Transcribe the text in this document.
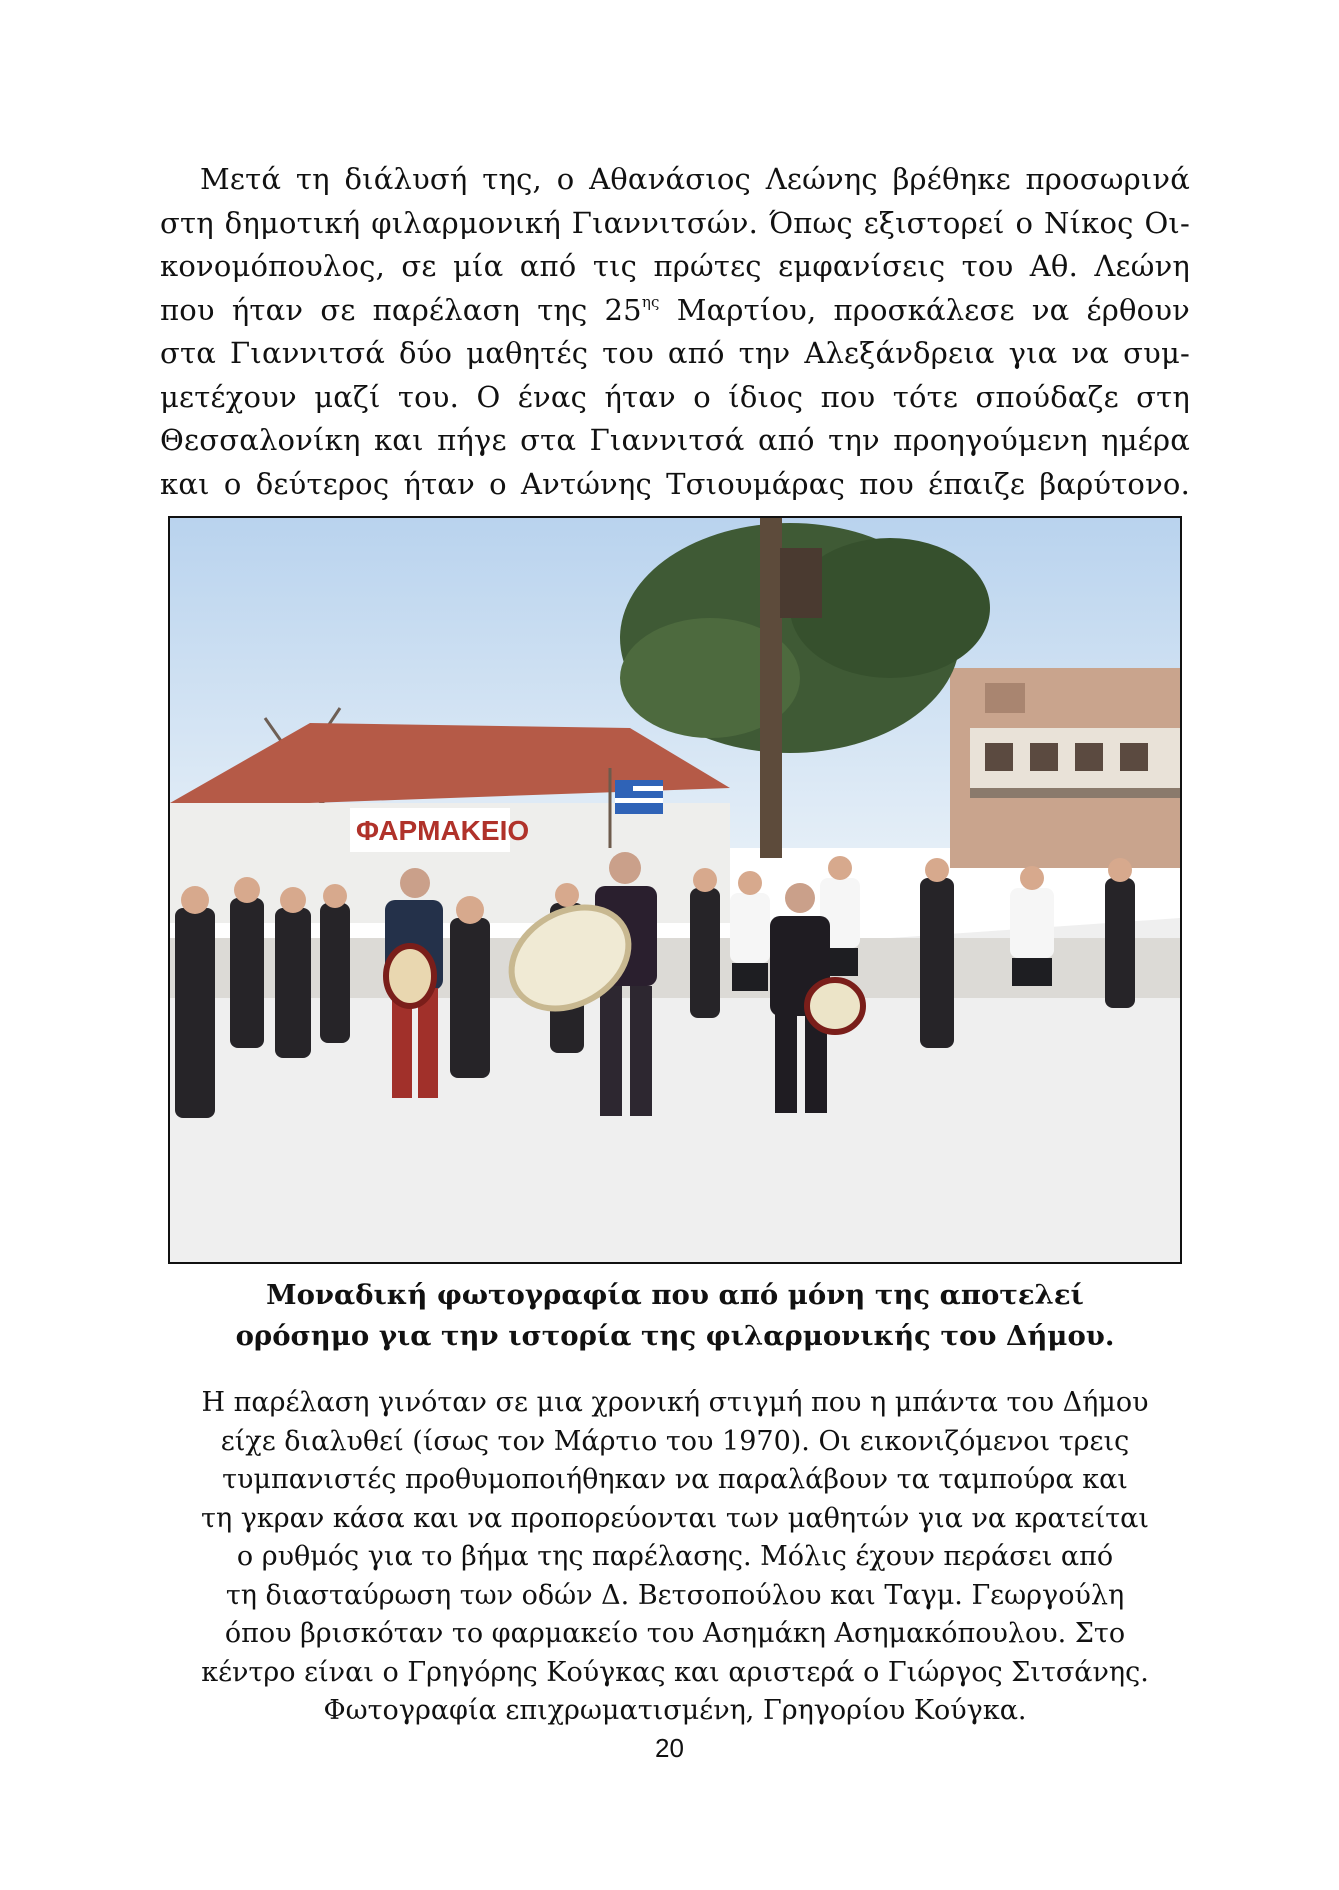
Μετά τη διάλυσή της, ο Αθανάσιος Λεώνης βρέθηκε προσωρινά
στη δημοτική φιλαρμονική Γιαννιτσών. Όπως εξιστορεί ο Νίκος Οι-
κονομόπουλος, σε μία από τις πρώτες εμφανίσεις του Αθ. Λεώνη
που ήταν σε παρέλαση της $25^{\eta\varsigma}$ Μαρτίου, προσκάλεσε να έρθουν
στα Γιαννιτσά δύο μαθητές του από την Αλεξάνδρεια για να συμ-
μετέχουν μαζί του. Ο ένας ήταν ο ίδιος που τότε σπούδαζε στη
Θεσσαλονίκη και πήγε στα Γιαννιτσά από την προηγούμενη ημέρα
και ο δεύτερος ήταν ο Αντώνης Τσιουμάρας που έπαιζε βαρύτονο.
ΦΑΡΜΑΚΕΙΟ
Μοναδική φωτογραφία που από μόνη της αποτελεί
ορόσημο για την ιστορία της φιλαρμονικής του Δήμου.
Η παρέλαση γινόταν σε μια χρονική στιγμή που η μπάντα του Δήμου
είχε διαλυθεί (ίσως τον Μάρτιο του 1970). Οι εικονιζόμενοι τρεις
τυμπανιστές προθυμοποιήθηκαν να παραλάβουν τα ταμπούρα και
τη γκραν κάσα και να προπορεύονται των μαθητών για να κρατείται
ο ρυθμός για το βήμα της παρέλασης. Μόλις έχουν περάσει από
τη διασταύρωση των οδών Δ. Βετσοπούλου και Ταγμ. Γεωργούλη
όπου βρισκόταν το φαρμακείο του Ασημάκη Ασημακόπουλου. Στο
κέντρο είναι ο Γρηγόρης Κούγκας και αριστερά ο Γιώργος Σιτσάνης.
Φωτογραφία επιχρωματισμένη, Γρηγορίου Κούγκα.
20
